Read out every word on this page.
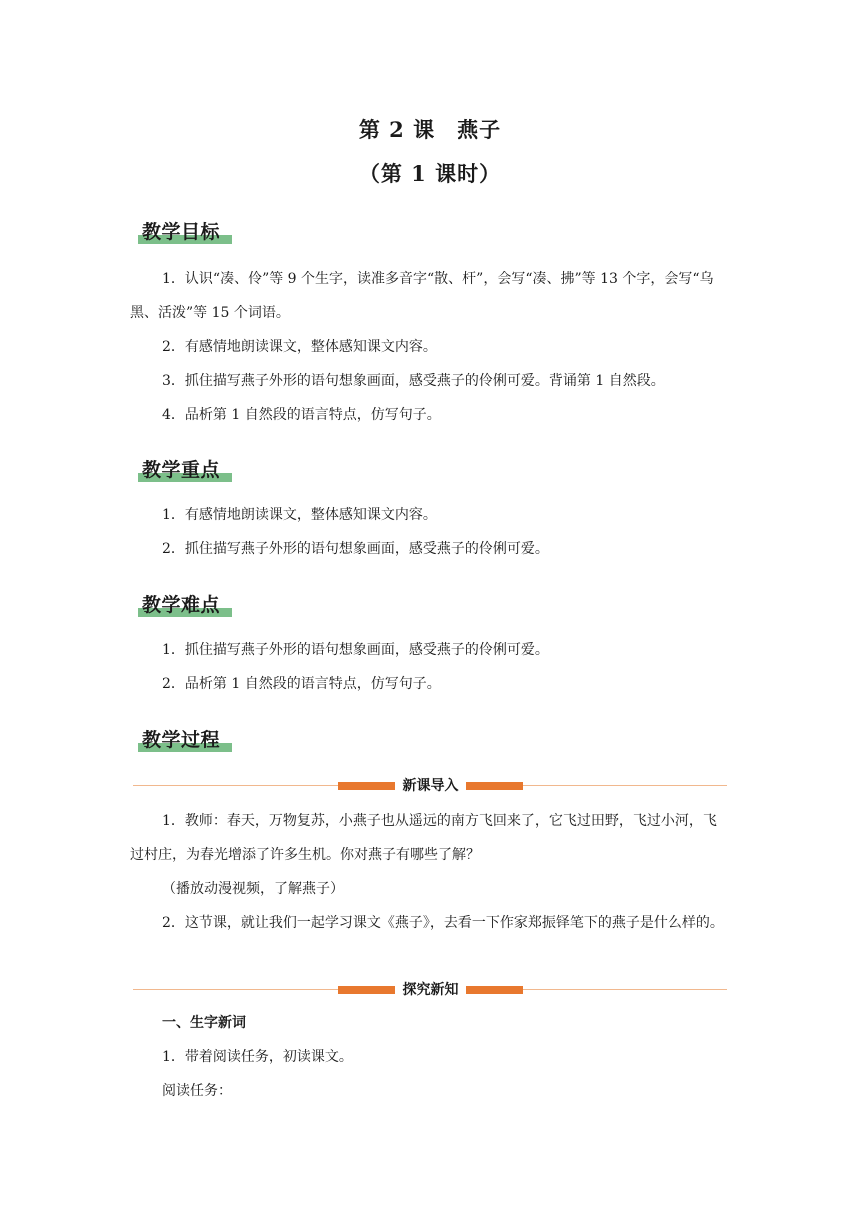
第 2 课　燕子
（第 1 课时）
教学目标
1．认识“凑、伶”等 9 个生字，读准多音字“散、杆”，会写“凑、拂”等 13 个字，会写“乌黑、活泼”等 15 个词语。
2．有感情地朗读课文，整体感知课文内容。
3．抓住描写燕子外形的语句想象画面，感受燕子的伶俐可爱。背诵第 1 自然段。
4．品析第 1 自然段的语言特点，仿写句子。
教学重点
1．有感情地朗读课文，整体感知课文内容。
2．抓住描写燕子外形的语句想象画面，感受燕子的伶俐可爱。
教学难点
1．抓住描写燕子外形的语句想象画面，感受燕子的伶俐可爱。
2．品析第 1 自然段的语言特点，仿写句子。
教学过程
新课导入
1．教师：春天，万物复苏，小燕子也从遥远的南方飞回来了，它飞过田野，飞过小河，飞过村庄，为春光增添了许多生机。你对燕子有哪些了解？
（播放动漫视频，了解燕子）
2．这节课，就让我们一起学习课文《燕子》，去看一下作家郑振铎笔下的燕子是什么样的。
探究新知
一、生字新词
1．带着阅读任务，初读课文。
阅读任务：
